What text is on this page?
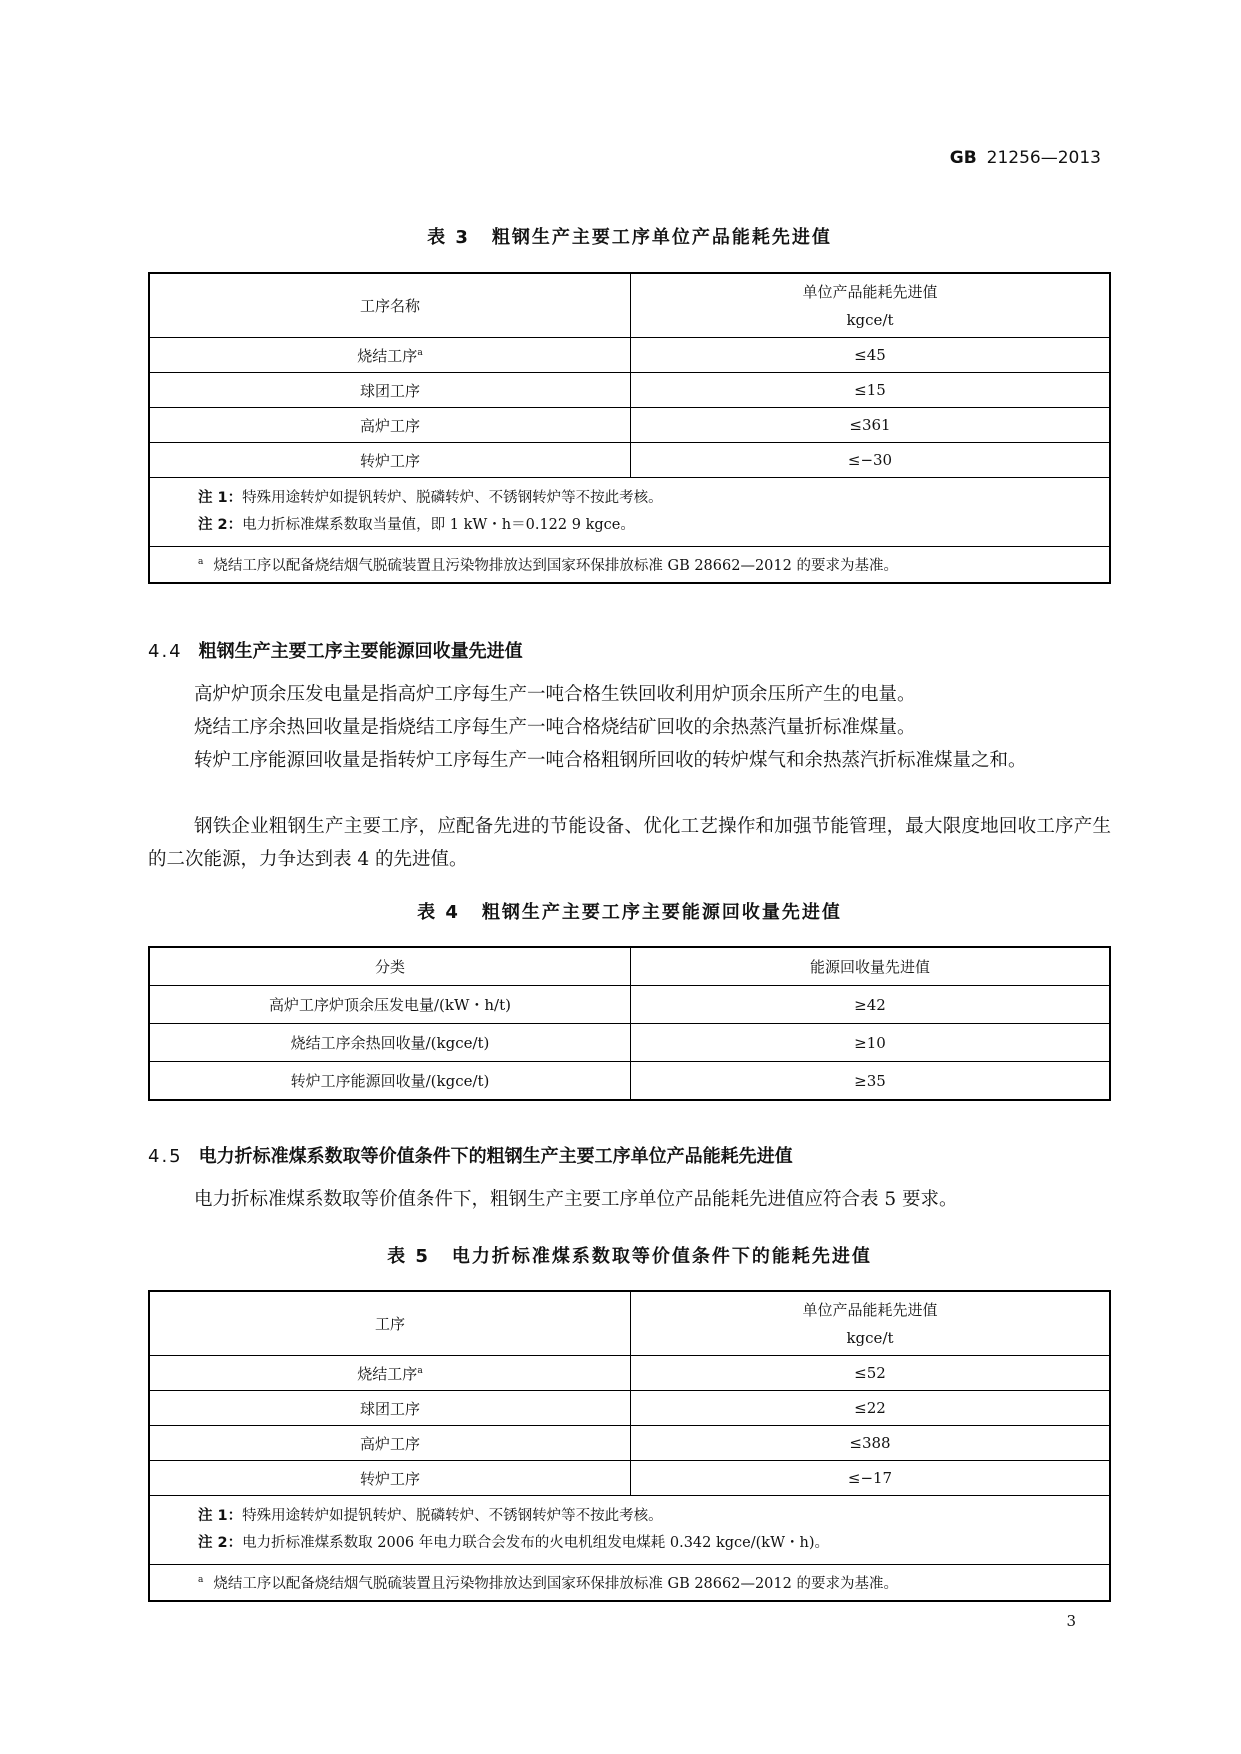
GB 21256—2013
表 3 粗钢生产主要工序单位产品能耗先进值
工序名称	单位产品能耗先进值
kgce/t
烧结工序$^a$	≤45
球团工序	≤15
高炉工序	≤361
转炉工序	≤−30

注 1：特殊用途转炉如提钒转炉、脱磷转炉、不锈钢转炉等不按此考核。
注 2：电力折标准煤系数取当量值，即 1 kW・h＝0.122 9 kgce。	

$^a$ 烧结工序以配备烧结烟气脱硫装置且污染物排放达到国家环保排放标准 GB 28662—2012 的要求为基准。	
4.4 粗钢生产主要工序主要能源回收量先进值

高炉炉顶余压发电量是指高炉工序每生产一吨合格生铁回收利用炉顶余压所产生的电量。

烧结工序余热回收量是指烧结工序每生产一吨合格烧结矿回收的余热蒸汽量折标准煤量。

转炉工序能源回收量是指转炉工序每生产一吨合格粗钢所回收的转炉煤气和余热蒸汽折标准煤量之和。

钢铁企业粗钢生产主要工序，应配备先进的节能设备、优化工艺操作和加强节能管理，最大限度地回收工序产生的二次能源，力争达到表 4 的先进值。

表 4 粗钢生产主要工序主要能源回收量先进值
分类	能源回收量先进值
高炉工序炉顶余压发电量/(kW・h/t)	≥42
烧结工序余热回收量/(kgce/t)	≥10
转炉工序能源回收量/(kgce/t)	≥35
4.5 电力折标准煤系数取等价值条件下的粗钢生产主要工序单位产品能耗先进值

电力折标准煤系数取等价值条件下，粗钢生产主要工序单位产品能耗先进值应符合表 5 要求。

表 5 电力折标准煤系数取等价值条件下的能耗先进值
工序	单位产品能耗先进值
kgce/t
烧结工序$^a$	≤52
球团工序	≤22
高炉工序	≤388
转炉工序	≤−17

注 1：特殊用途转炉如提钒转炉、脱磷转炉、不锈钢转炉等不按此考核。
注 2：电力折标准煤系数取 2006 年电力联合会发布的火电机组发电煤耗 0.342 kgce/(kW・h)。	

$^a$ 烧结工序以配备烧结烟气脱硫装置且污染物排放达到国家环保排放标准 GB 28662—2012 的要求为基准。	
3
